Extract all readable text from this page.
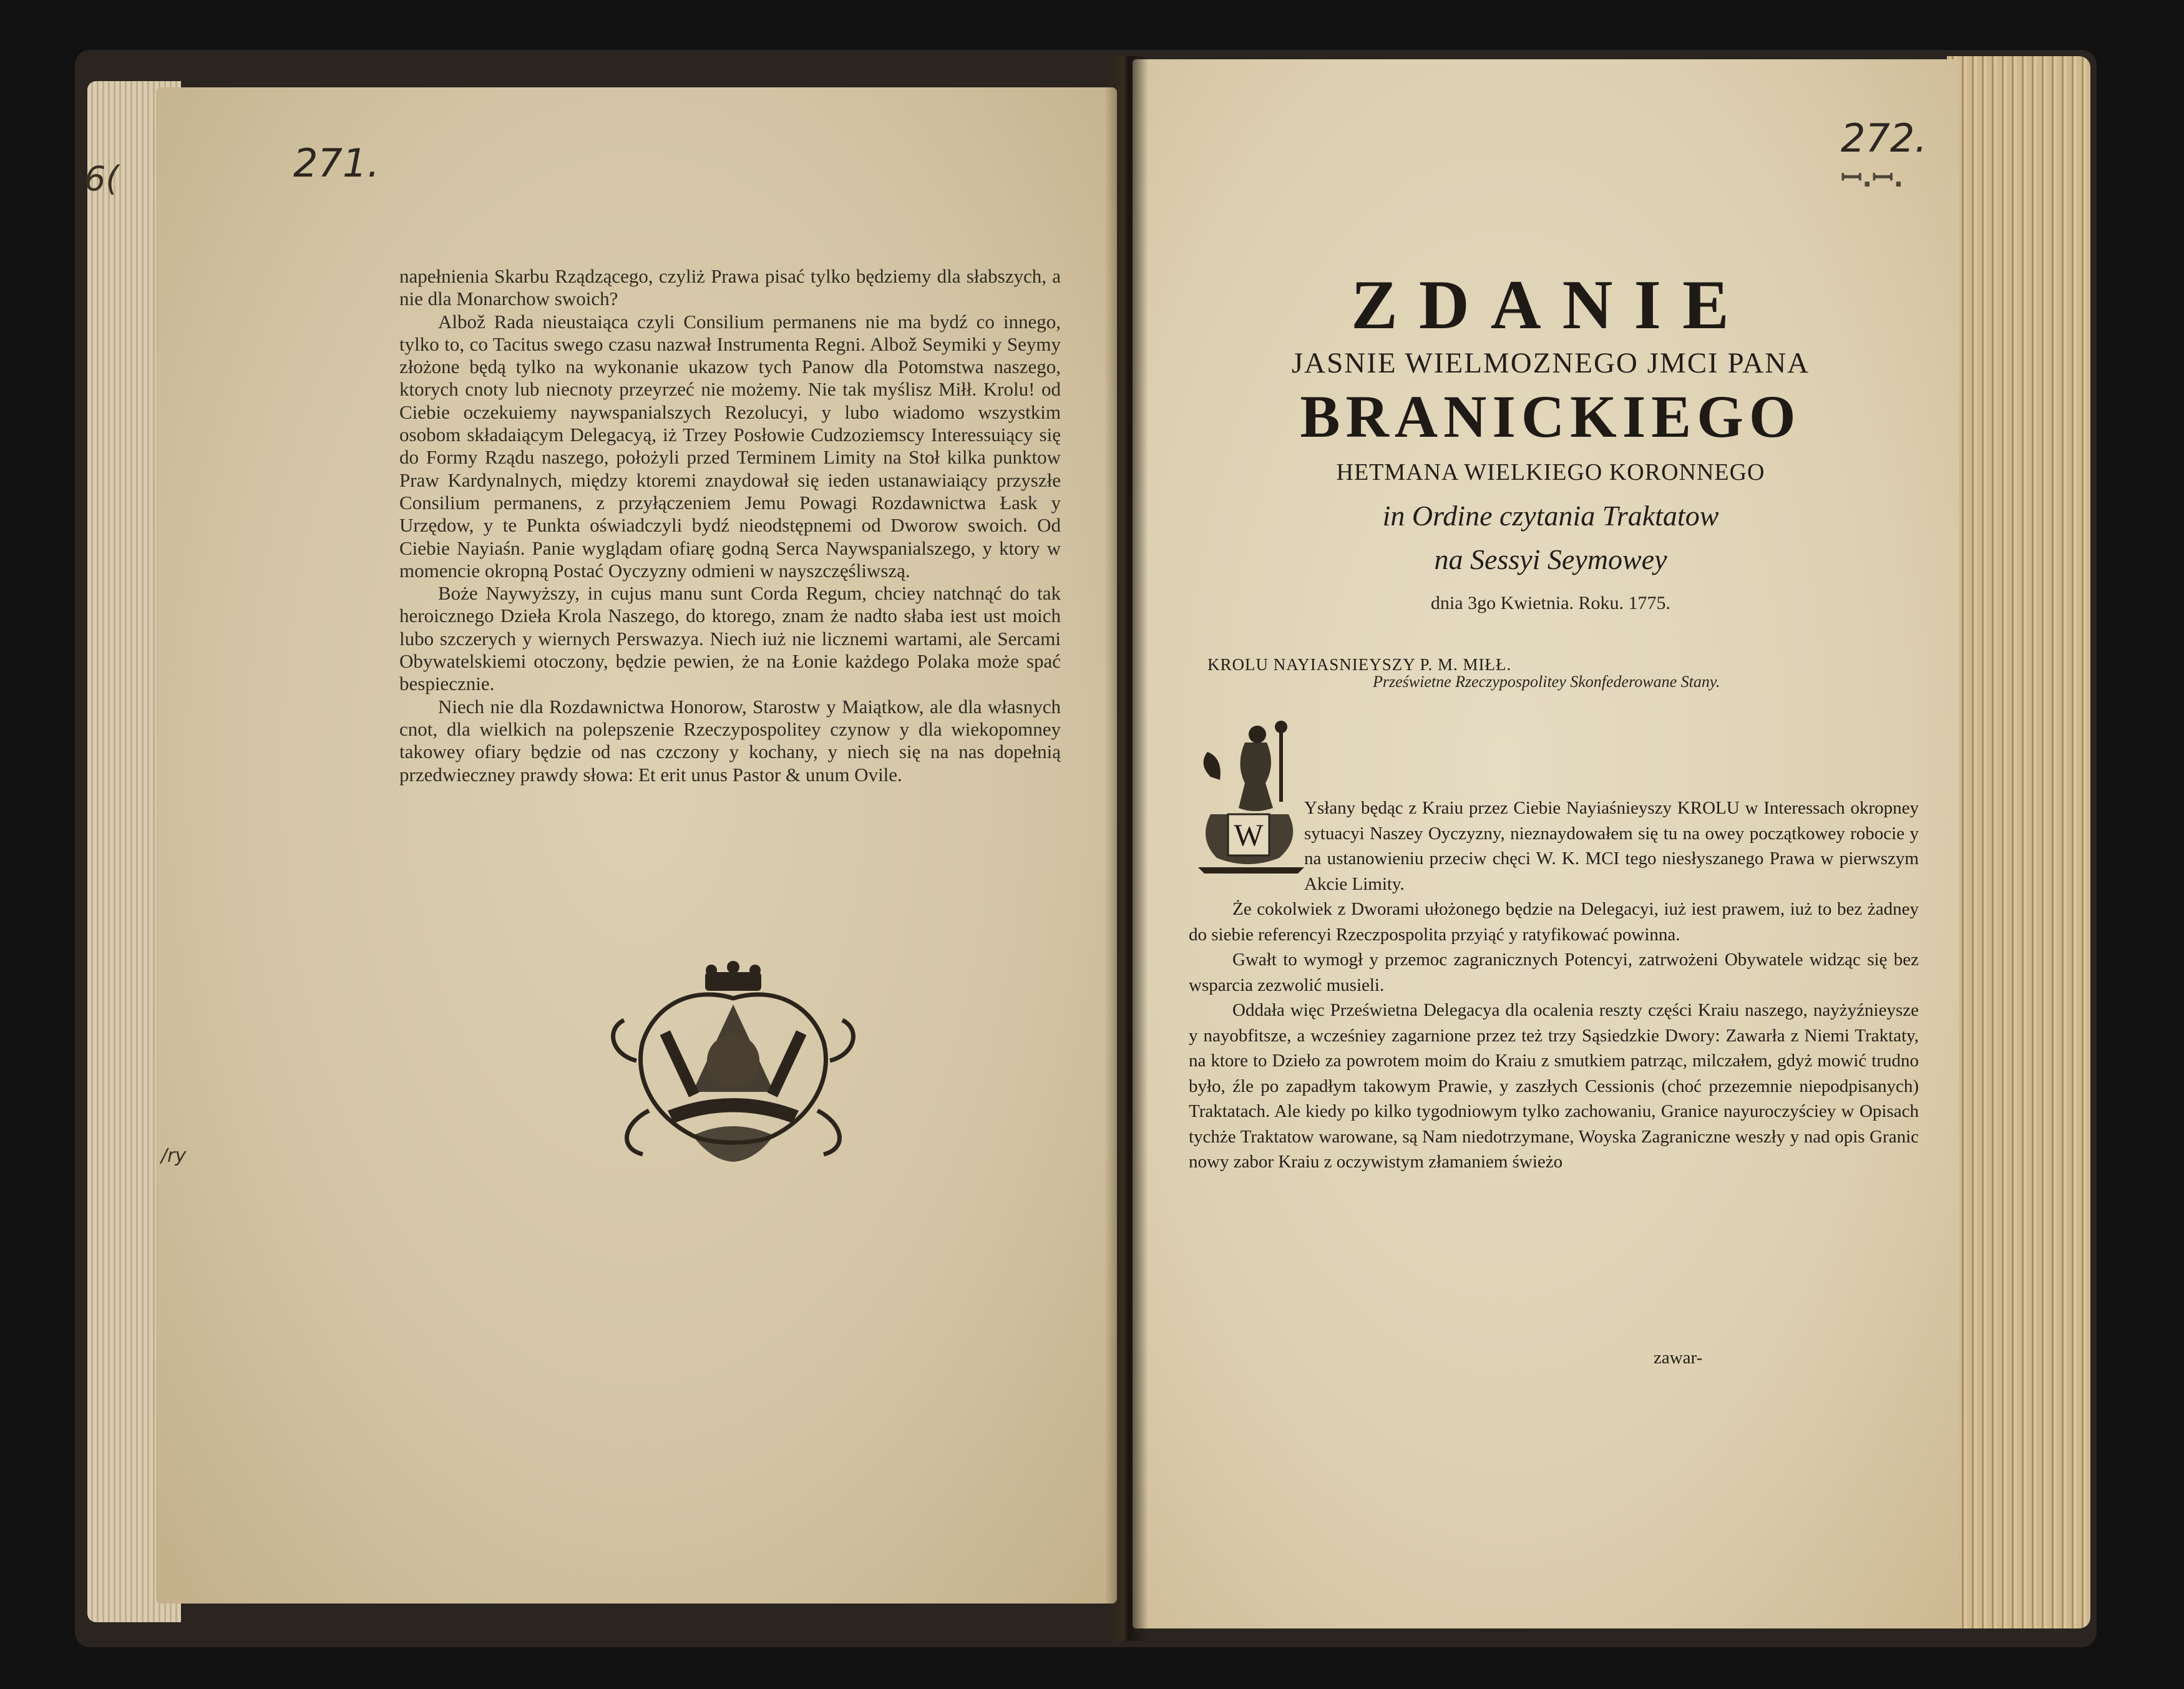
271.
6(
/ry

napełnienia Skarbu Rządzącego, czyliż Prawa pisać tylko będziemy dla słabszych, a nie dla Monarchow swoich?

Albož Rada nieustaiąca czyli Consilium permanens nie ma bydź co innego, tylko to, co Tacitus swego czasu nazwał Instrumenta Regni. Albož Seymiki y Seymy złożone będą tylko na wykonanie ukazow tych Panow dla Potomstwa naszego, ktorych cnoty lub niecnoty przeyrzeć nie możemy. Nie tak myślisz Miłł. Krolu! od Ciebie oczekuiemy naywspanialszych Rezolucyi, y lubo wiadomo wszystkim osobom składaiącym Delegacyą, iż Trzey Posłowie Cudzoziemscy Interessuiący się do Formy Rządu naszego, położyli przed Terminem Limity na Stoł kilka punktow Praw Kardynalnych, między ktoremi znaydował się ieden ustanawiaiący przyszłe Consilium permanens, z przyłączeniem Jemu Powagi Rozdawnictwa Łask y Urzędow, y te Punkta oświadczyli bydź nieodstępnemi od Dworow swoich. Od Ciebie Nayiaśn. Panie wyglądam ofiarę godną Serca Naywspanialszego, y ktory w momencie okropną Postać Oyczyzny odmieni w nayszczęśliwszą.

Boże Naywyższy, in cujus manu sunt Corda Regum, chciey natchnąć do tak heroicznego Dzieła Krola Naszego, do ktorego, znam że nadto słaba iest ust moich lubo szczerych y wiernych Perswazya. Niech iuż nie licznemi wartami, ale Sercami Obywatelskiemi otoczony, będzie pewien, że na Łonie każdego Polaka może spać bespiecznie.

Niech nie dla Rozdawnictwa Honorow, Starostw y Maiątkow, ale dla własnych cnot, dla wielkich na polepszenie Rzeczypospolitey czynow y dla wiekopomney takowey ofiary będzie od nas czczony y kochany, y niech się na nas dopełnią przedwieczney prawdy słowa: Et erit unus Pastor & unum Ovile.

272.
ꟷ.ꟷ.
ZDANIE
JASNIE WIELMOZNEGO JMCI PANA
BRANICKIEGO
HETMANA WIELKIEGO KORONNEGO
in Ordine czytania Traktatow
na Sessyi Seymowey
dnia 3go Kwietnia. Roku. 1775.
KROLU NAYIASNIEYSZY P. M. MIŁŁ.
Prześwietne Rzeczypospolitey Skonfederowane Stany.
W

Ysłany będąc z Kraiu przez Ciebie Nayiaśnieyszy KROLU w Interessach okropney sytuacyi Naszey Oyczyzny, nieznaydowałem się tu na owey początkowey robocie y na ustanowieniu przeciw chęci W. K. MCI tego niesłyszanego Prawa w pierwszym Akcie Limity.

Że cokolwiek z Dworami ułożonego będzie na Delegacyi, iuż iest prawem, iuż to bez żadney do siebie referencyi Rzeczpospolita przyiąć y ratyfikować powinna.

Gwałt to wymogł y przemoc zagranicznych Potencyi, zatrwożeni Obywatele widząc się bez wsparcia zezwolić musieli.

Oddała więc Prześwietna Delegacya dla ocalenia reszty części Kraiu naszego, nayżyźnieysze y nayobfitsze, a wcześniey zagarnione przez też trzy Sąsiedzkie Dwory: Zawarła z Niemi Traktaty, na ktore to Dzieło za powrotem moim do Kraiu z smutkiem patrząc, milczałem, gdyż mowić trudno było, źle po zapadłym takowym Prawie, y zaszłych Cessionis (choć przezemnie niepodpisanych) Traktatach. Ale kiedy po kilko tygodniowym tylko zachowaniu, Granice nayuroczyściey w Opisach tychże Traktatow warowane, są Nam niedotrzymane, Woyska Zagraniczne weszły y nad opis Granic nowy zabor Kraiu z oczywistym złamaniem świeżo

zawar-
